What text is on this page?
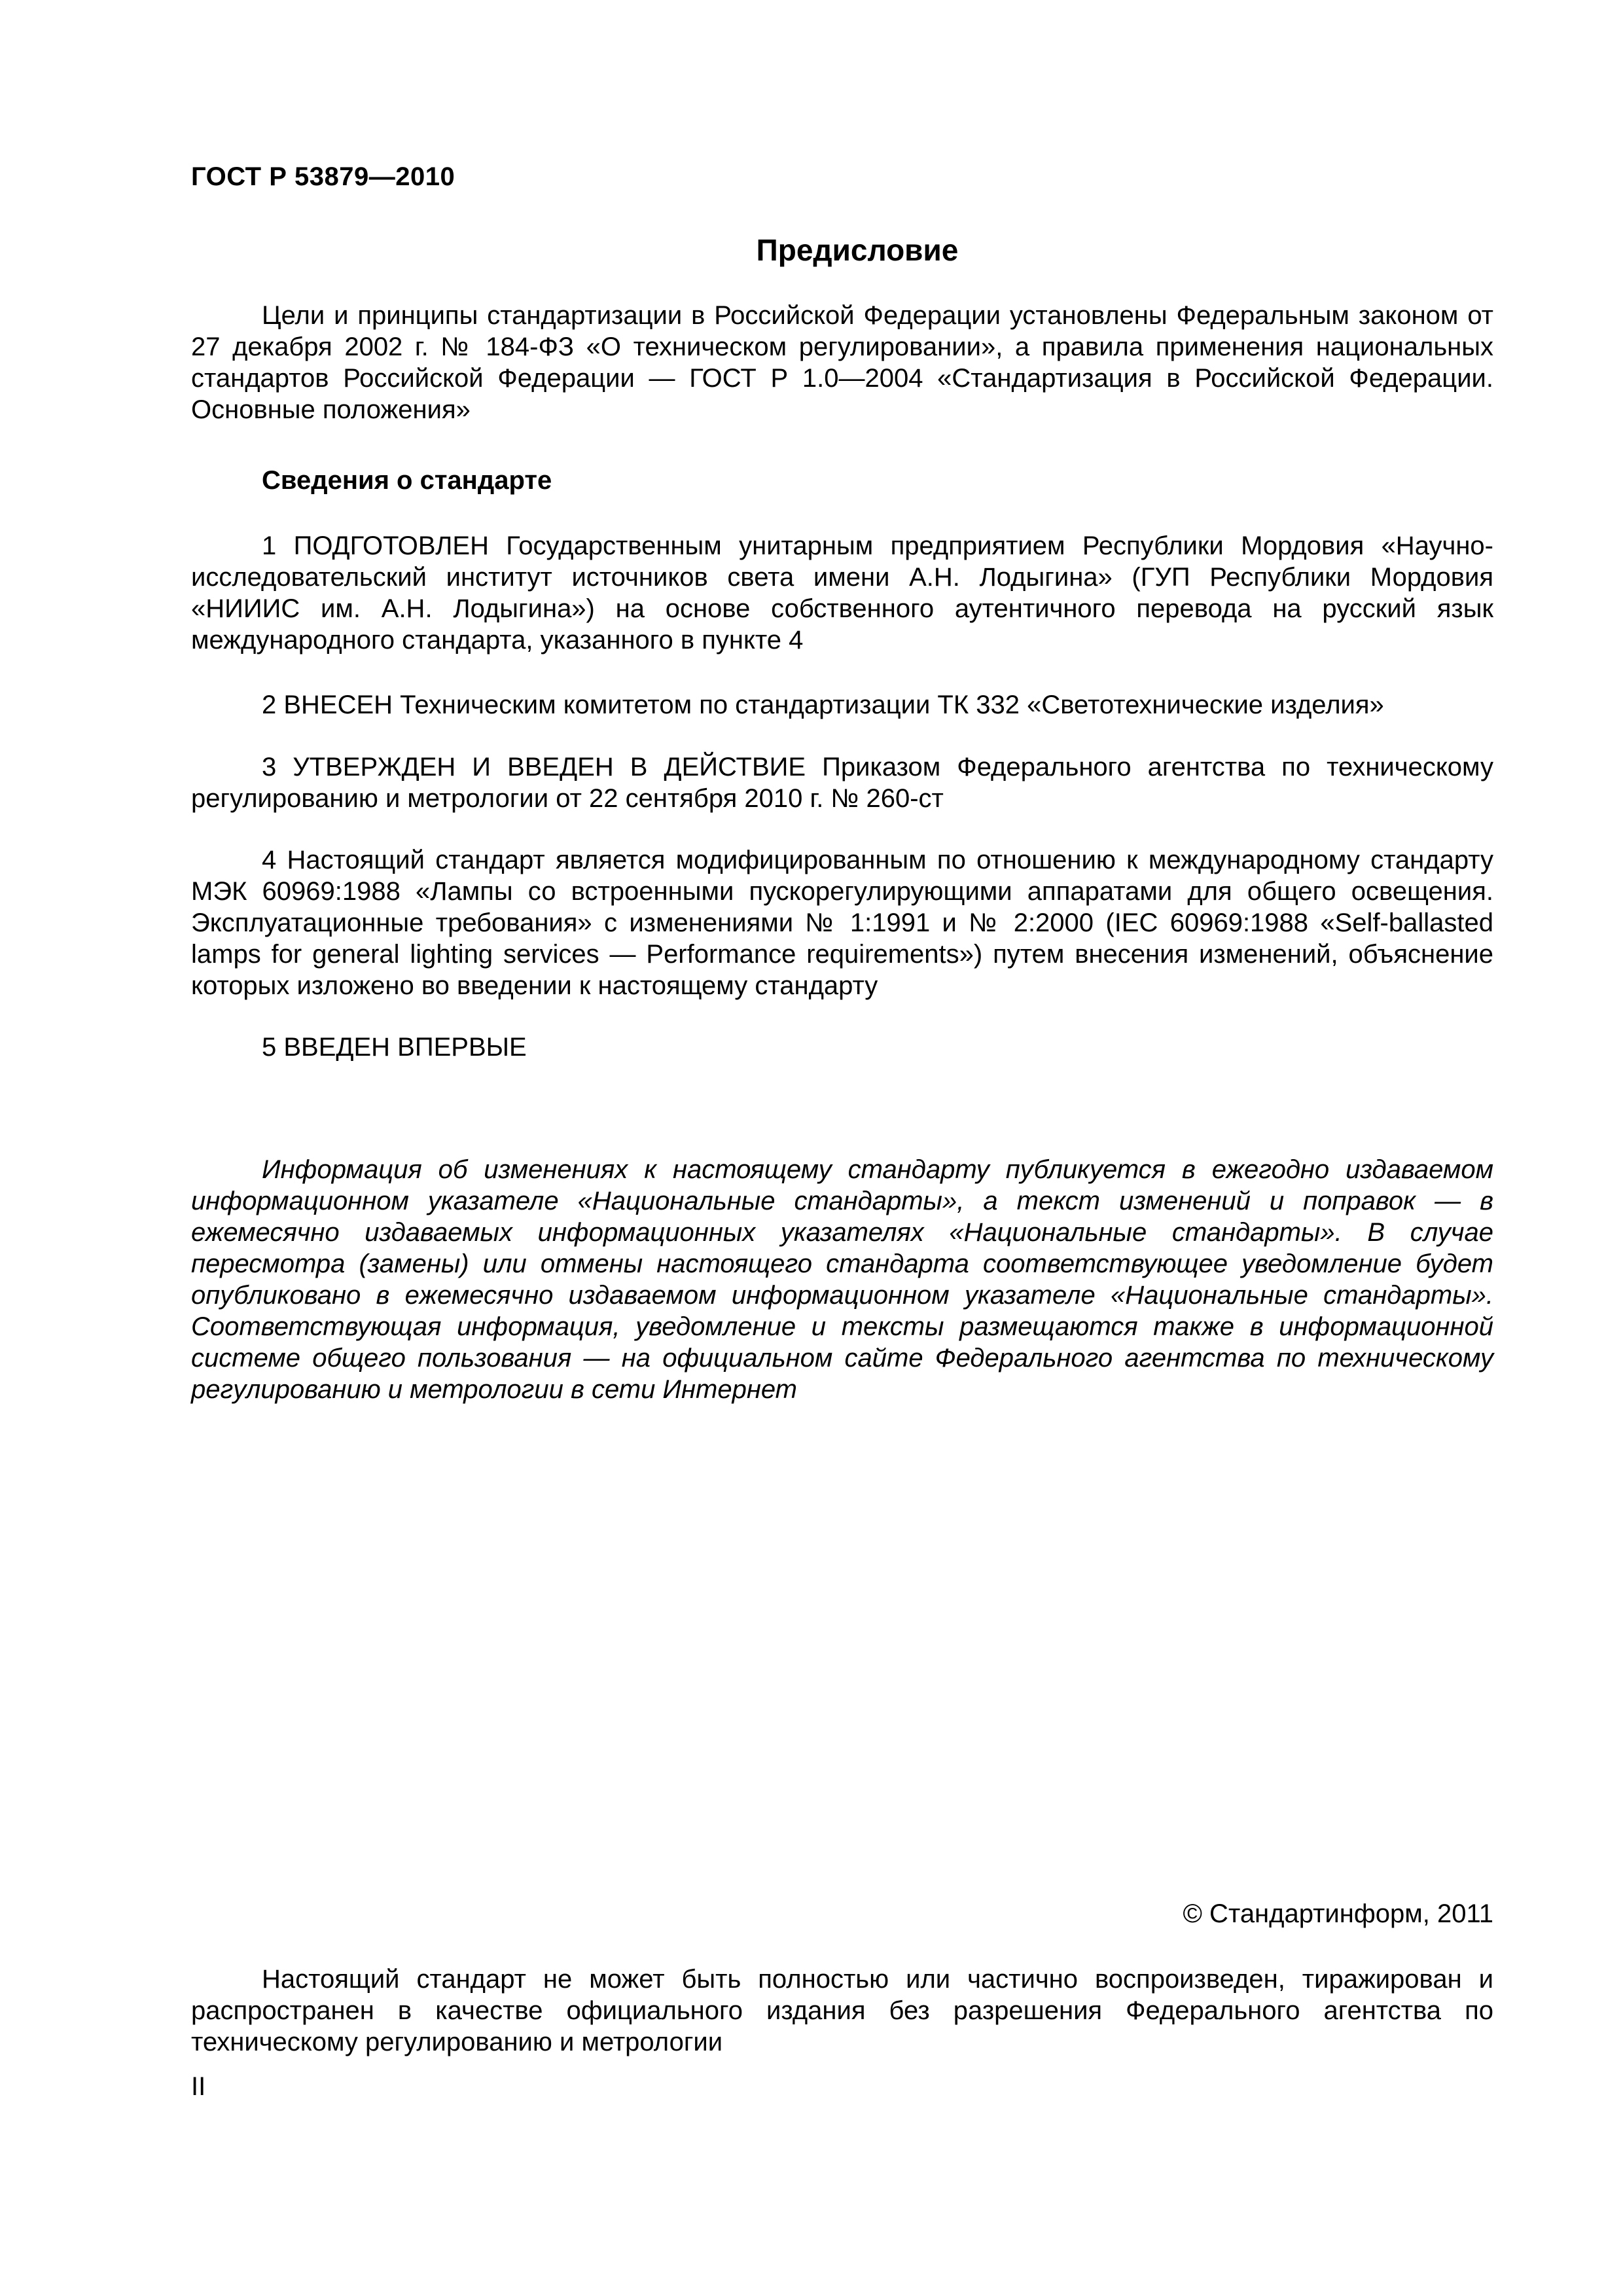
ГОСТ Р 53879—2010
Предисловие

Цели и принципы стандартизации в Российской Федерации установлены Федеральным законом от 27 декабря 2002 г. № 184-ФЗ «О техническом регулировании», а правила применения национальных стандартов Российской Федерации — ГОСТ Р 1.0—2004 «Стандартизация в Российской Федерации. Основные положения»

Сведения о стандарте

1 ПОДГОТОВЛЕН Государственным унитарным предприятием Республики Мордовия «Научно-исследовательский институт источников света имени А.Н. Лодыгина» (ГУП Республики Мордовия «НИИИС им. А.Н. Лодыгина») на основе собственного аутентичного перевода на русский язык международного стандарта, указанного в пункте 4

2 ВНЕСЕН Техническим комитетом по стандартизации ТК 332 «Светотехнические изделия»

3 УТВЕРЖДЕН И ВВЕДЕН В ДЕЙСТВИЕ Приказом Федерального агентства по техническому регулированию и метрологии от 22 сентября 2010 г. № 260-ст

4 Настоящий стандарт является модифицированным по отношению к международному стандарту МЭК 60969:1988 «Лампы со встроенными пускорегулирующими аппаратами для общего освещения. Эксплуатационные требования» с изменениями № 1:1991 и № 2:2000 (IEC 60969:1988 «Self-ballasted lamps for general lighting services — Performance requirements») путем внесения изменений, объяснение которых изложено во введении к настоящему стандарту

5 ВВЕДЕН ВПЕРВЫЕ

Информация об изменениях к настоящему стандарту публикуется в ежегодно издаваемом информационном указателе «Национальные стандарты», а текст изменений и поправок — в ежемесячно издаваемых информационных указателях «Национальные стандарты». В случае пересмотра (замены) или отмены настоящего стандарта соответствующее уведомление будет опубликовано в ежемесячно издаваемом информационном указателе «Национальные стандарты». Соответствующая информация, уведомление и тексты размещаются также в информационной системе общего пользования — на официальном сайте Федерального агентства по техническому регулированию и метрологии в сети Интернет

© Стандартинформ, 2011

Настоящий стандарт не может быть полностью или частично воспроизведен, тиражирован и распространен в качестве официального издания без разрешения Федерального агентства по техническому регулированию и метрологии

II
